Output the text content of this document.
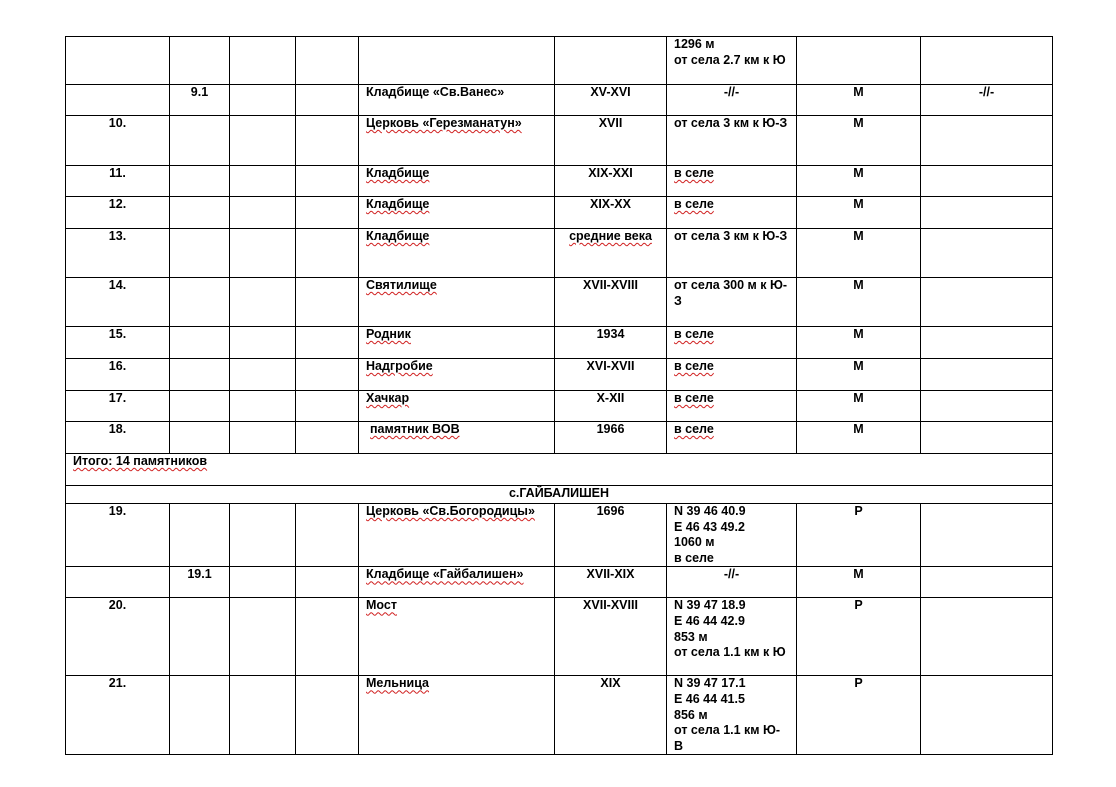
						1296 м
от села 2.7 км к Ю		

	9.1			Кладбище «Св.Ванес»	XV-XVI	-//-	М	-//-
10.				Церковь «Герезманатун»	XVII	от села 3 км к Ю-З	М	
11.				Кладбище	XIX-XXI	в селе	М	
12.				Кладбище	XIX-XX	в селе	М	
13.				Кладбище	средние века	от села 3 км к Ю-З	М	
14.				Святилище	XVII-XVIII	от села 300 м к Ю-З	М	
15.				Родник	1934	в селе	М	
16.				Надгробие	XVI-XVII	в селе	М	
17.				Хачкар	X-XII	в селе	М	
18.				памятник ВОВ	1966	в селе	М	
Итого: 14 памятников								
с.ГАЙБАЛИШЕН								
19.				Церковь «Св.Богородицы»	1696	N 39 46 40.9
E 46 43 49.2
1060 м
в селе	Р	
	19.1			Кладбище «Гайбалишен»	XVII-XIX	-//-	М	
20.				Мост	XVII-XVIII	N 39 47 18.9
E 46 44 42.9
853 м
от села 1.1 км к Ю	Р	
21.				Мельница	XIX	N 39 47 17.1
E 46 44 41.5
856 м
от села 1.1 км Ю-В	Р	
